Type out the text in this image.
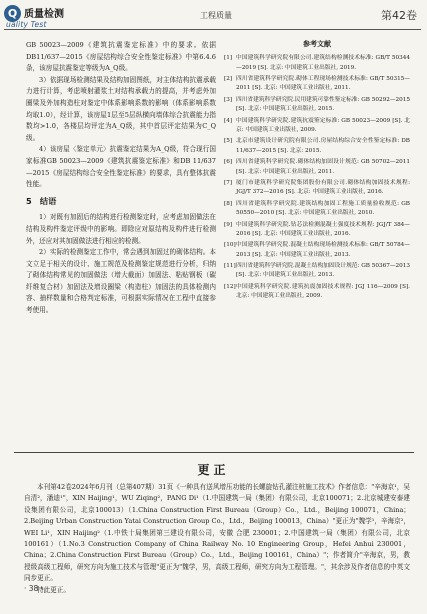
Q 质量检测
uality Test
工程质量	第42卷

GB 50023—2009《建筑抗震鉴定标准》中的要求。依据DB11/637—2015《房屋结构综合安全性鉴定标准》中第6.4.6条，该房屋抗震鉴定等级为A_Q级。

3）依据现场检测结果及结构加固图纸，对主体结构抗震承载力进行计算，考虑喷射灌浆土对结构承载力的提高，并考虑外加圈梁及外加构造柱对鉴定中体系影响系数的影响（体系影响系数均取1.0），经计算，该房屋1层至5层纵横向墙体综合抗震能力指数均>1.0，各楼层均评定为A_Q级，其中首层评定结果为C_Q级。

4）该房屋〈鉴定单元〉抗震鉴定结果为A_Q级，符合现行国家标准GB 50023—2009《建筑抗震鉴定标准》和DB 11/637—2015《房屋结构综合安全性鉴定标准》的要求，具有整体抗震性能。

5　结语

1）对既有加固后的结构进行检测鉴定时，应考虑加固做法在结构及构件鉴定评级中的影响。即除应对原结构及构件进行检测外，还应对其加固做法进行相应的检测。

2）实际的检测鉴定工作中，常会遇到加固过的砌体结构。本文立足于相关的设计、施工规范及检测鉴定规范进行分析，归纳了砌体结构常见的加固做法（增大截面）加固法、粘贴钢板（碳纤维复合材）加固法及增设圈梁（构造柱）加固法的具体检测内容、抽样数量和合格判定标准，可根据实际情况在工程中直接参考使用。

参考文献
[1] 中国建筑科学研究院有限公司.建筑结构检测技术标准: GB/T 50344—2019 [S]. 北京: 中国建筑工业出版社, 2019.
[2] 四川省建筑科学研究院.砌体工程现场检测技术标准: GB/T 50315—2011 [S]. 北京: 中国建筑工业出版社, 2011.
[3] 四川省建筑科学研究院.民用建筑可靠性鉴定标准: GB 50292—2015 [S]. 北京: 中国建筑工业出版社, 2015.
[4] 中国建筑科学研究院.建筑抗震鉴定标准: GB 50023—2009 [S]. 北京: 中国建筑工业出版社, 2009.
[5] 北京市建筑设计研究院有限公司.房屋结构综合安全性鉴定标准: DB 11/637—2015 [S]. 北京: 2015.
[6] 四川省建筑科学研究院.砌体结构加固设计规范: GB 50702—2011 [S]. 北京: 中国建筑工业出版社, 2011.
[7] 厦门市建筑科学研究院集团股份有限公司.砌体结构加固技术规程: JGJ/T 372—2016 [S]. 北京: 中国建筑工业出版社, 2016.
[8] 四川省建筑科学研究院.建筑结构加固工程施工质量验收规范: GB 50550—2010 [S]. 北京: 中国建筑工业出版社, 2010.
[9] 中国建筑科学研究院.钻芯法检测混凝土强度技术规程: JGJ/T 384—2016 [S]. 北京: 中国建筑工业出版社, 2016.
[10] 中国建筑科学研究院.混凝土结构现场检测技术标准: GB/T 50784—2013 [S]. 北京: 中国建筑工业出版社, 2013.
[11] 四川省建筑科学研究院.混凝土结构加固设计规范: GB 50367—2013 [S]. 北京: 中国建筑工业出版社, 2013.
[12] 中国建筑科学研究院.建筑抗震加固技术规程: JGJ 116—2009 [S]. 北京: 中国建筑工业出版社, 2009.
更正

本刊第42卷2024年6月刊（总第407期）31页《一种具有送风增压功能的长螺旋钻孔灌注桩施工技术》作者信息："辛海京¹，吴自清²，潘迪¹"，XIN Haijing¹，WU Ziqing²，PANG Di¹（1.中国建筑一局（集团）有限公司，北京100071；2.北京城建安泰建设集团有限公司，北京100013）（1.China Construction First Bureau（Group）Co.，Ltd.，Beijing 100071，China；2.Beijing Urban Construction Yatai Construction Group Co.，Ltd.，Beijing 100013，China）"更正为"魏学¹，辛海京²，WEI Li¹，XIN Haijing²（1.中铁十局集团第三建设有限公司，安徽 合肥 230001；2.中国建筑一局（集团）有限公司，北京100161）（1.No.3 Construction Company of China Railway No. 10 Engineering Group，Hefei Anhui 230001，China；2.China Construction First Bureau（Group）Co.，Ltd.，Beijing 100161，China）"；作者简介"辛海京，男，教授级高级工程师，研究方向为施工技术与管理"更正为"魏学，男，高级工程师，研究方向为工程管理。"，其余涉及作者信息的中英文同步更正。

特此更正。

· 38 ·
